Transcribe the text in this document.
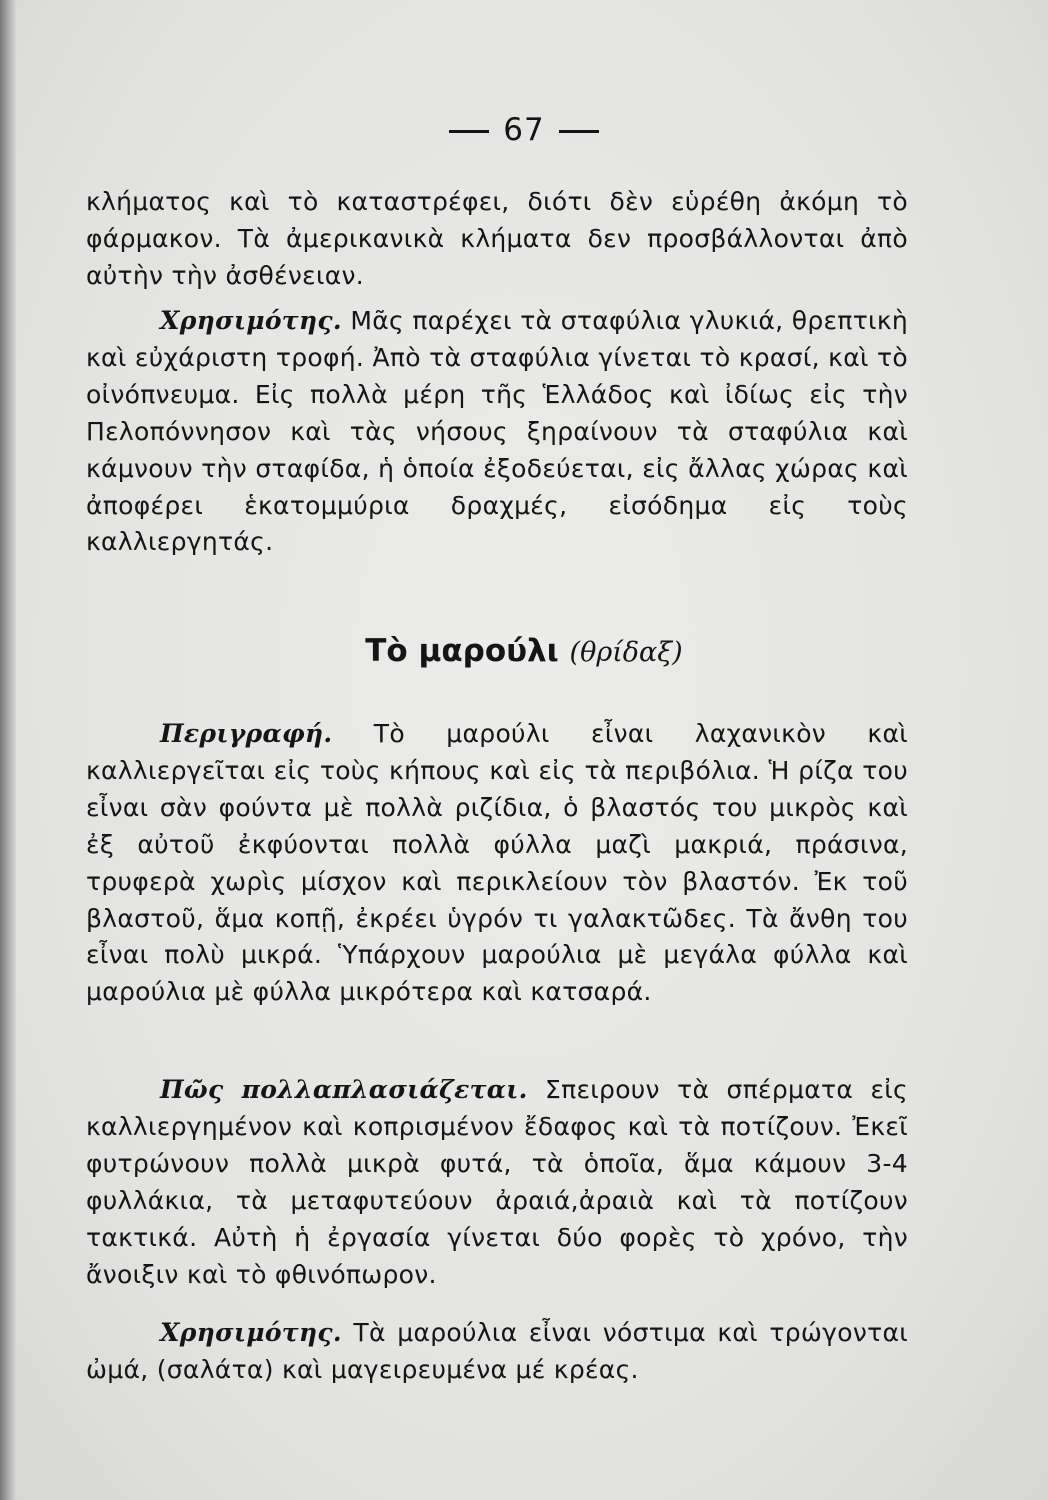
67
κλήματος καὶ τὸ καταστρέφει, διότι δὲν εὑρέθη ἀκόμη τὸ φάρμακον. Τὰ ἀμερικανικὰ κλήματα δεν προσβάλλονται ἀπὸ αὐτὴν τὴν ἀσθένειαν.
Χρησιμότης. Μᾶς παρέχει τὰ σταφύλια γλυκιά, θρεπτικὴ καὶ εὐχάριστη τροφή. Ἀπὸ τὰ σταφύλια γίνεται τὸ κρασί, καὶ τὸ οἰνόπνευμα. Εἰς πολλὰ μέρη τῆς Ἑλλάδος καὶ ἰδίως εἰς τὴν Πελοπόννησον καὶ τὰς νήσους ξηραίνουν τὰ σταφύλια καὶ κάμνουν τὴν σταφίδα, ἡ ὁποία ἐξοδεύεται, εἰς ἄλλας χώρας καὶ ἀποφέρει ἑκατομμύρια δραχμές, εἰσόδημα εἰς τοὺς καλλιεργητάς.
Τὸ μαρούλι (θρίδαξ)
Περιγραφή. Τὸ μαρούλι εἶναι λαχανικὸν καὶ καλλιεργεῖται εἰς τοὺς κήπους καὶ εἰς τὰ περιβόλια. Ἡ ρίζα του εἶναι σὰν φούντα μὲ πολλὰ ριζίδια, ὁ βλαστός του μικρὸς καὶ ἐξ αὐτοῦ ἐκφύονται πολλὰ φύλλα μαζὶ μακριά, πράσινα, τρυφερὰ χωρὶς μίσχον καὶ περικλείουν τὸν βλαστόν. Ἐκ τοῦ βλαστοῦ, ἅμα κοπῇ, ἐκρέει ὑγρόν τι γαλακτῶδες. Τὰ ἄνθη του εἶναι πολὺ μικρά. Ὑπάρχουν μαρούλια μὲ μεγάλα φύλλα καὶ μαρούλια μὲ φύλλα μικρότερα καὶ κατσαρά.
Πῶς πολλαπλασιάζεται. Σπειρουν τὰ σπέρματα εἰς καλλιεργημένον καὶ κοπρισμένον ἔδαφος καὶ τὰ ποτίζουν. Ἐκεῖ φυτρώνουν πολλὰ μικρὰ φυτά, τὰ ὁποῖα, ἅμα κάμουν 3-4 φυλλάκια, τὰ μεταφυτεύουν ἀραιά,ἀραιὰ καὶ τὰ ποτίζουν τακτικά. Αὐτὴ ἡ ἐργασία γίνεται δύο φορὲς τὸ χρόνο, τὴν ἄνοιξιν καὶ τὸ φθινόπωρον.
Χρησιμότης. Τὰ μαρούλια εἶναι νόστιμα καὶ τρώγονται ὠμά, (σαλάτα) καὶ μαγειρευμένα μέ κρέας.
